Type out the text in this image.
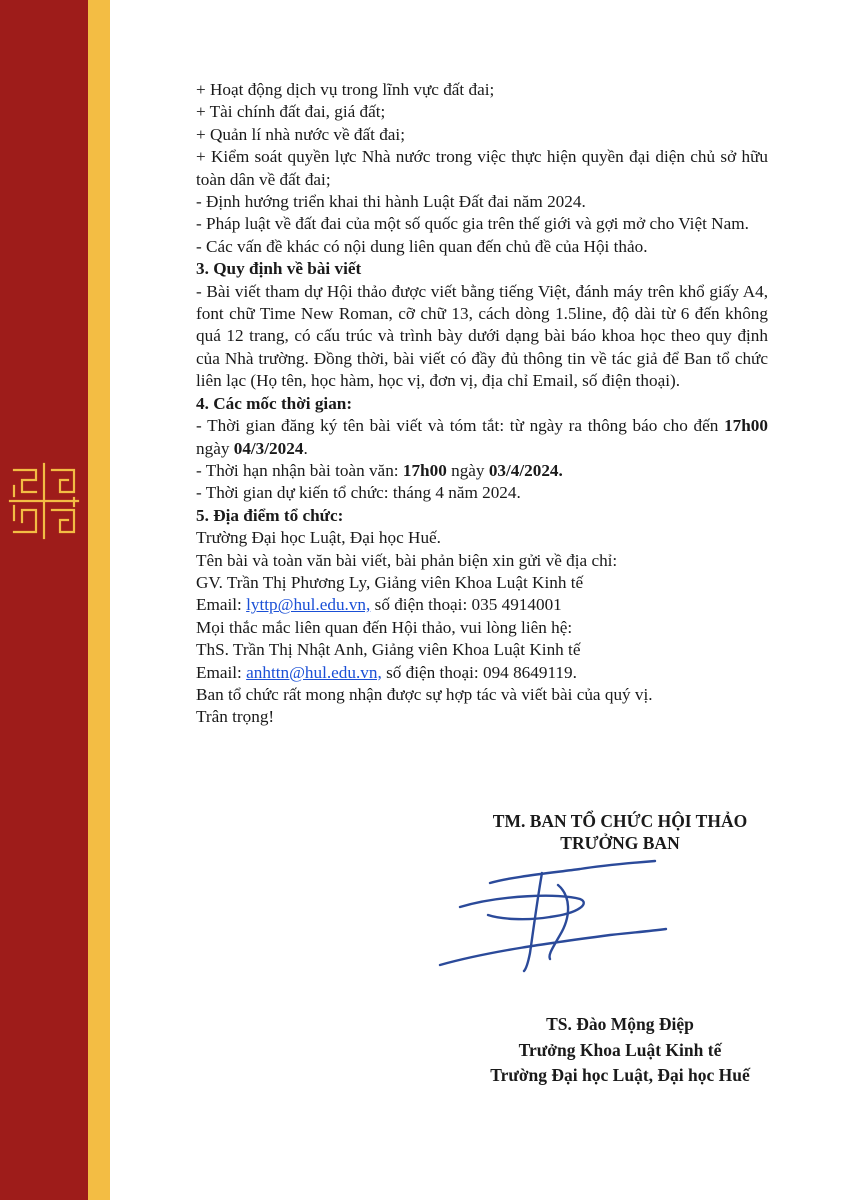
+ Hoạt động dịch vụ trong lĩnh vực đất đai;

+ Tài chính đất đai, giá đất;

+ Quản lí nhà nước về đất đai;

+ Kiểm soát quyền lực Nhà nước trong việc thực hiện quyền đại diện chủ sở hữu toàn dân về đất đai;

- Định hướng triển khai thi hành Luật Đất đai năm 2024.

- Pháp luật về đất đai của một số quốc gia trên thế giới và gợi mở cho Việt Nam.

- Các vấn đề khác có nội dung liên quan đến chủ đề của Hội thảo.

3. Quy định về bài viết

- Bài viết tham dự Hội thảo được viết bằng tiếng Việt, đánh máy trên khổ giấy A4, font chữ Time New Roman, cỡ chữ 13, cách dòng 1.5line, độ dài từ 6 đến không quá 12 trang, có cấu trúc và trình bày dưới dạng bài báo khoa học theo quy định của Nhà trường. Đồng thời, bài viết có đầy đủ thông tin về tác giả để Ban tổ chức liên lạc (Họ tên, học hàm, học vị, đơn vị, địa chỉ Email, số điện thoại).

4. Các mốc thời gian:

- Thời gian đăng ký tên bài viết và tóm tắt: từ ngày ra thông báo cho đến 17h00 ngày 04/3/2024.

- Thời hạn nhận bài toàn văn: 17h00 ngày 03/4/2024.

- Thời gian dự kiến tổ chức: tháng 4 năm 2024.

5. Địa điểm tổ chức:

Trường Đại học Luật, Đại học Huế.

Tên bài và toàn văn bài viết, bài phản biện xin gửi về địa chỉ:

GV. Trần Thị Phương Ly, Giảng viên Khoa Luật Kinh tế

Email: lyttp@hul.edu.vn, số điện thoại: 035 4914001

Mọi thắc mắc liên quan đến Hội thảo, vui lòng liên hệ:

ThS. Trần Thị Nhật Anh, Giảng viên Khoa Luật Kinh tế

Email: anhttn@hul.edu.vn, số điện thoại: 094 8649119.

Ban tổ chức rất mong nhận được sự hợp tác và viết bài của quý vị.

Trân trọng!

TM. BAN TỔ CHỨC HỘI THẢO
TRƯỞNG BAN
TS. Đào Mộng Điệp
Trưởng Khoa Luật Kinh tế
Trường Đại học Luật, Đại học Huế
